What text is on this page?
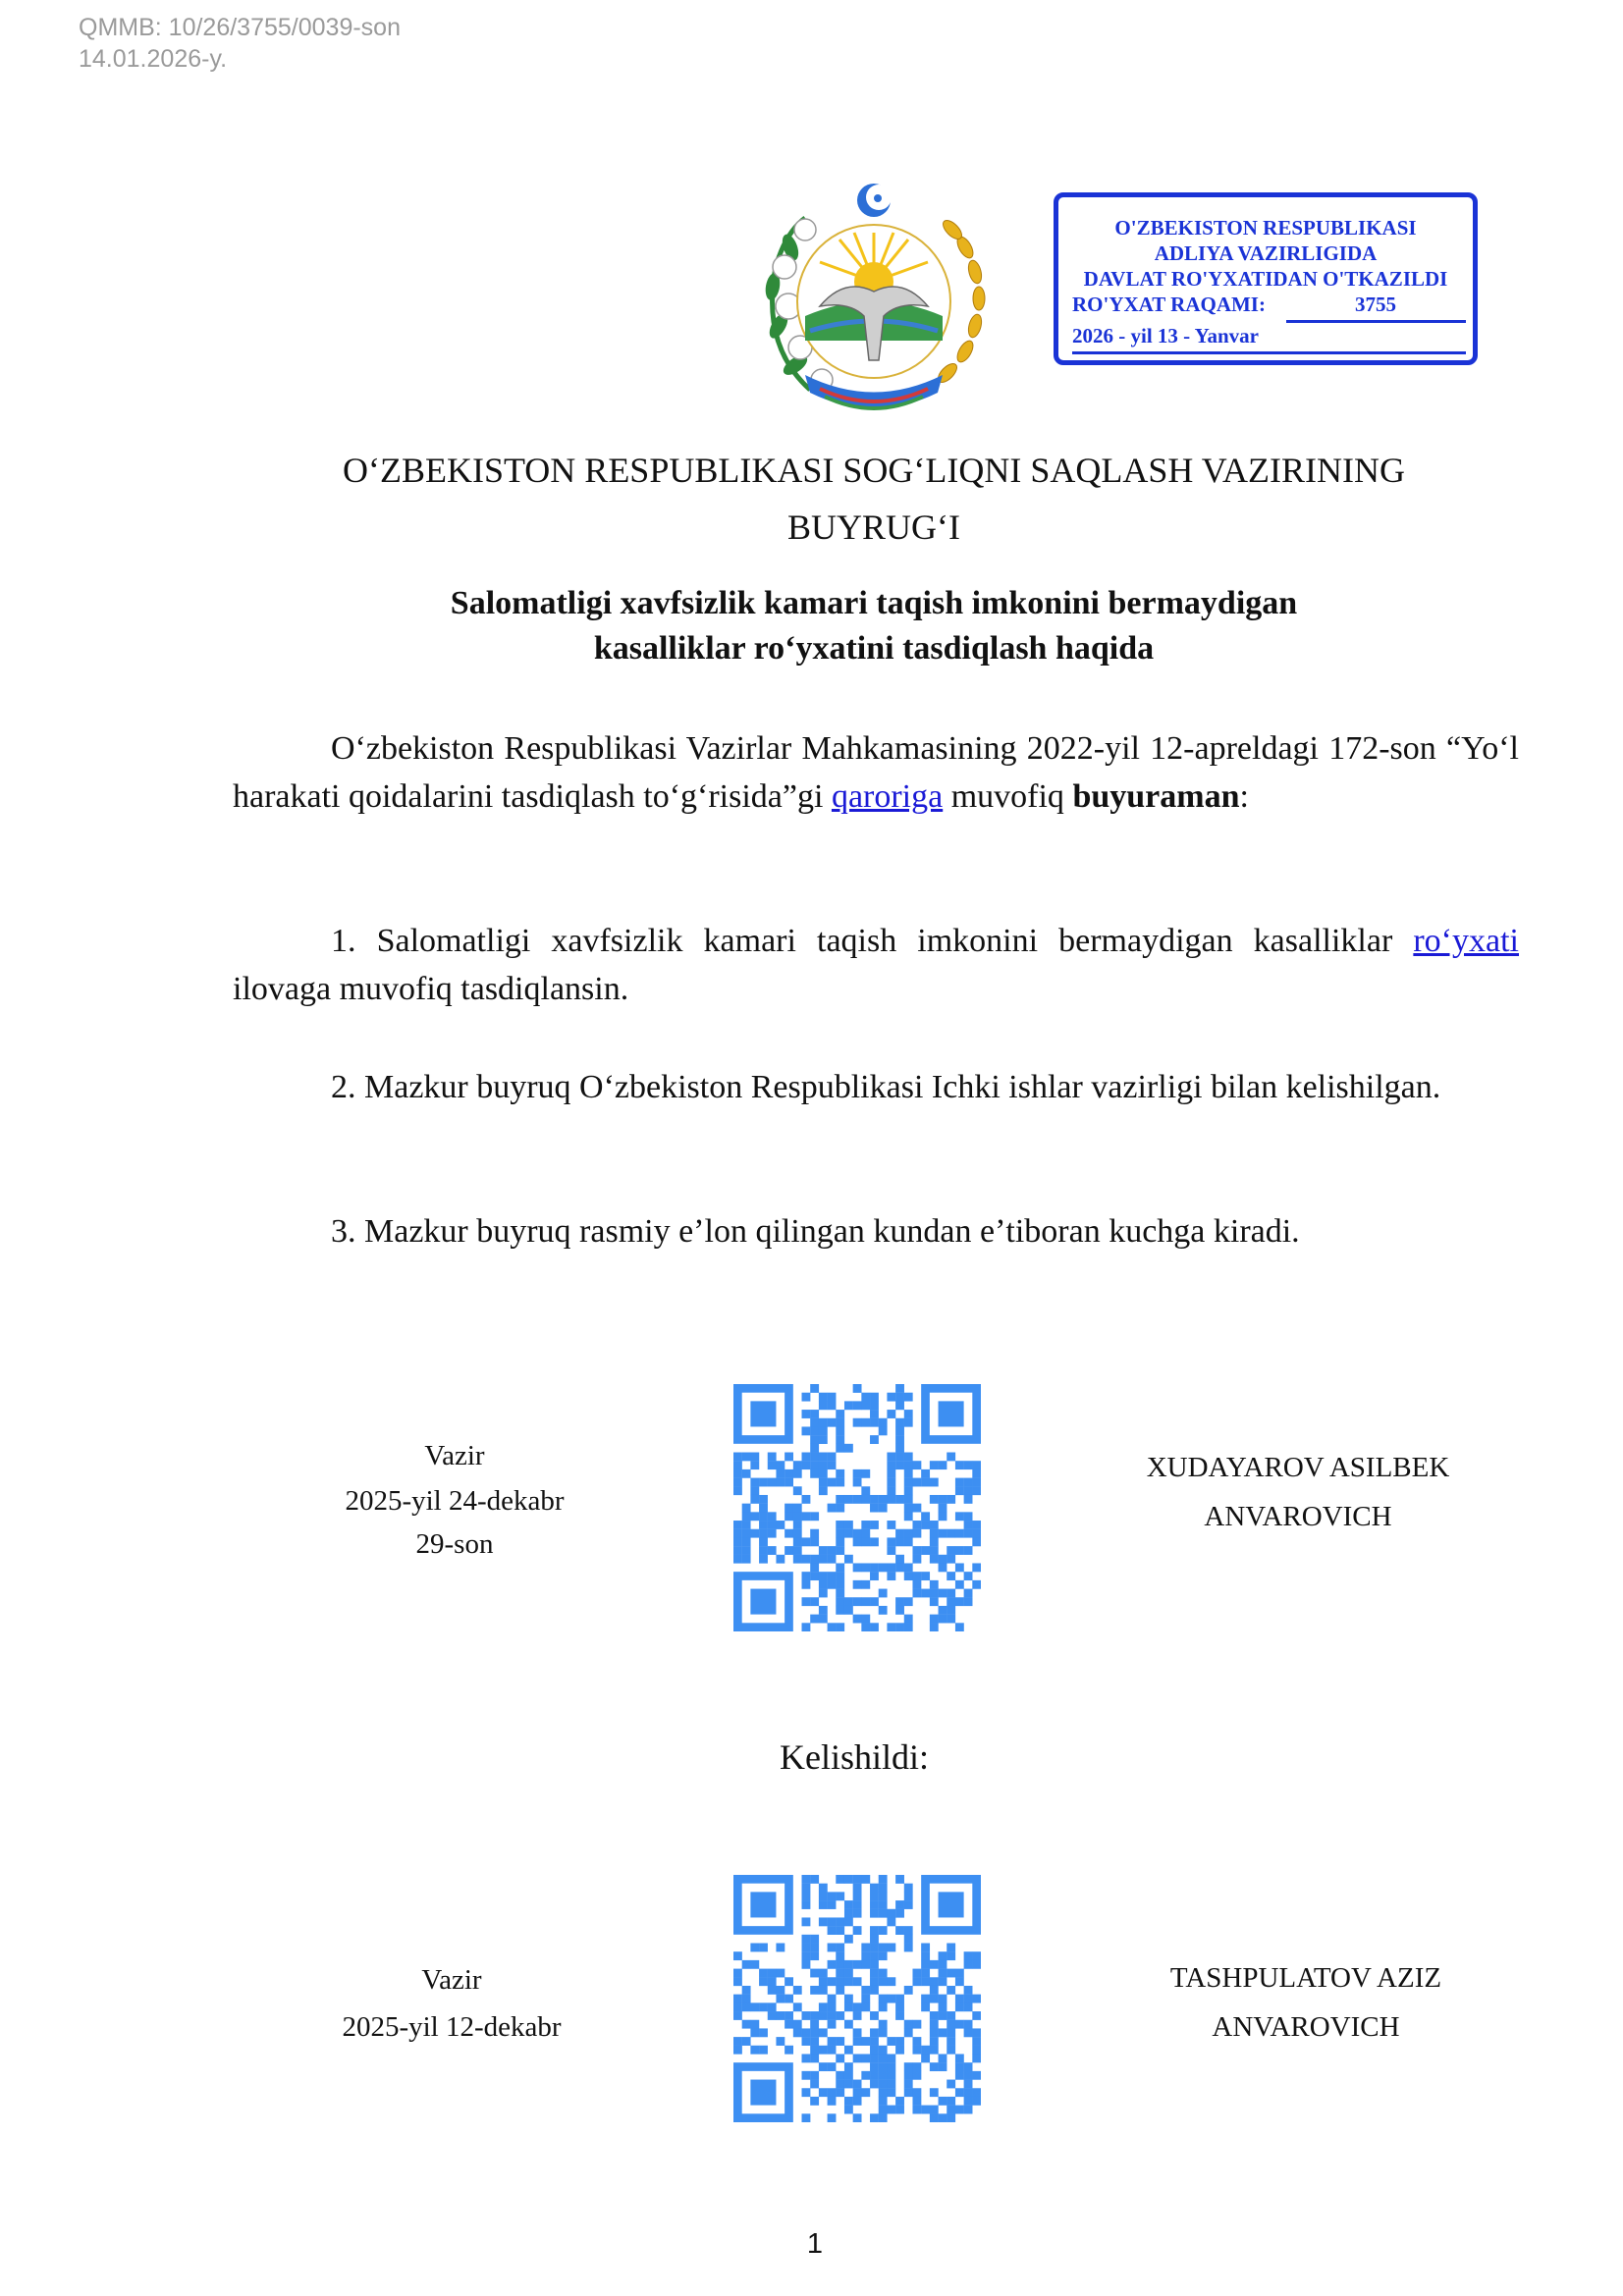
QMMB: 10/26/3755/0039-son
14.01.2026-y.
O'ZBEKISTON RESPUBLIKASI
ADLIYA VAZIRLIGIDA
DAVLAT RO'YXATIDAN O'TKAZILDI
RO'YXAT RAQAMI:	3755
2026 - yil 13 - Yanvar
OʻZBEKISTON RESPUBLIKASI SOGʻLIQNI SAQLASH VAZIRINING
BUYRUGʻI
Salomatligi xavfsizlik kamari taqish imkonini bermaydigan
kasalliklar roʻyxatini tasdiqlash haqida
Oʻzbekiston Respublikasi Vazirlar Mahkamasining 2022-yil 12-apreldagi 172-son “Yoʻl harakati qoidalarini tasdiqlash toʻgʻrisida”gi qaroriga muvofiq buyuraman:
1. Salomatligi xavfsizlik kamari taqish imkonini bermaydigan kasalliklar roʻyxati ilovaga muvofiq tasdiqlansin.
2. Mazkur buyruq Oʻzbekiston Respublikasi Ichki ishlar vazirligi bilan kelishilgan.
3. Mazkur buyruq rasmiy eʼlon qilingan kundan eʼtiboran kuchga kiradi.
Vazir
2025-yil 24-dekabr
29-son
XUDAYAROV ASILBEK
ANVAROVICH
Kelishildi:
Vazir
2025-yil 12-dekabr
TASHPULATOV AZIZ
ANVAROVICH
1
